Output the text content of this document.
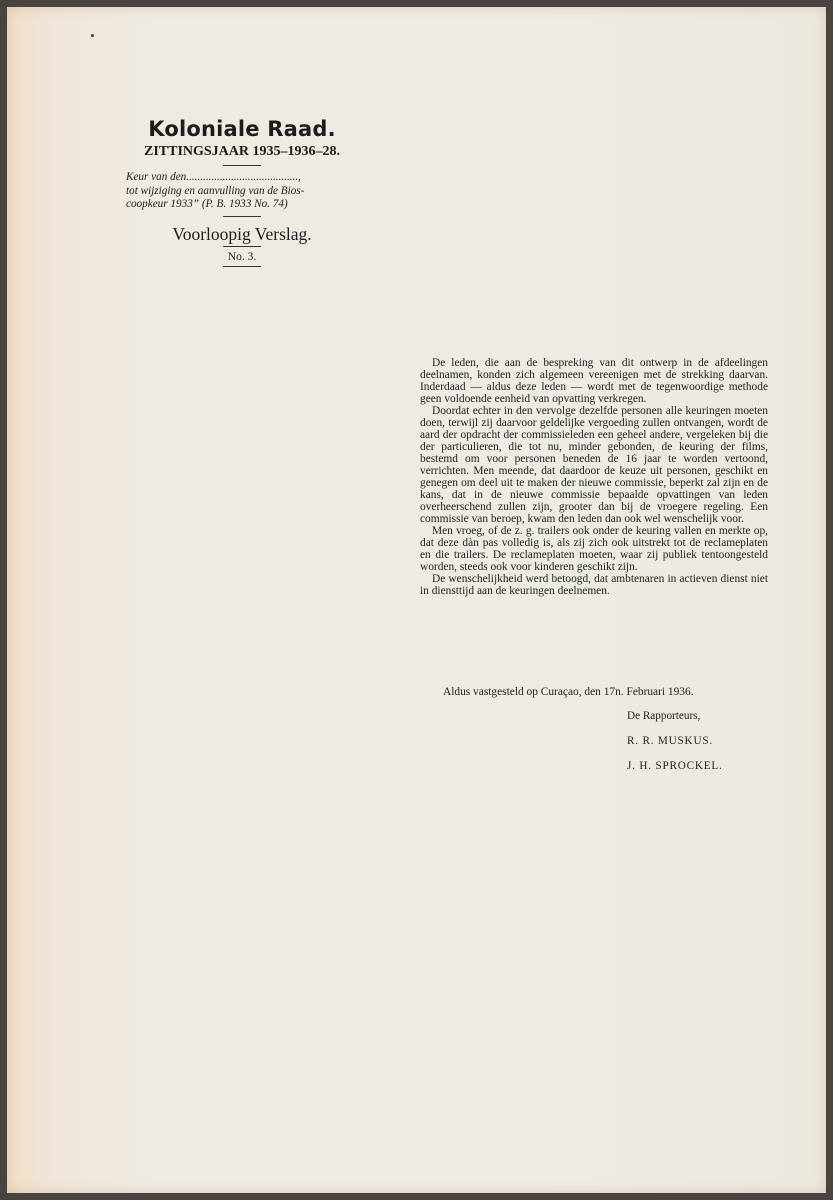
Koloniale Raad.

ZITTINGSJAAR 1935–1936–28.

Keur van den........................................,
tot wijziging en aanvulling van de Bios-
coopkeur 1933” (P. B. 1933 No. 74)

Voorloopig Verslag.

No. 3.

De leden, die aan de bespreking van dit ontwerp in de afdeelingen deelnamen, konden zich algemeen vereenigen met de strekking daarvan. Inderdaad — aldus deze leden — wordt met de tegenwoordige methode geen voldoende eenheid van opvatting verkregen.

Doordat echter in den vervolge dezelfde personen alle keuringen moeten doen, terwijl zij daarvoor geldelijke vergoeding zullen ontvangen, wordt de aard der opdracht der commissieleden een geheel andere, vergeleken bij die der particulieren, die tot nu, minder gebonden, de keuring der films, bestemd om voor personen beneden de 16 jaar te worden vertoond, verrichten. Men meende, dat daardoor de keuze uit personen, geschikt en genegen om deel uit te maken der nieuwe commissie, beperkt zal zijn en de kans, dat in de nieuwe commissie bepaalde opvattingen van leden overheerschend zullen zijn, grooter dan bij de vroegere regeling. Een commissie van beroep, kwam den leden dan ook wel wenschelijk voor.

Men vroeg, of de z. g. trailers ook onder de keuring vallen en merkte op, dat deze dàn pas volledig is, als zij zich ook uitstrekt tot de reclameplaten en die trailers. De reclameplaten moeten, waar zij publiek tentoongesteld worden, steeds ook voor kinderen geschikt zijn.

De wenschelijkheid werd betoogd, dat ambtenaren in actieven dienst niet in diensttijd aan de keuringen deelnemen.

Aldus vastgesteld op Curaçao, den 17n. Februari 1936.
De Rapporteurs,
R. R. MUSKUS.
J. H. SPROCKEL.
